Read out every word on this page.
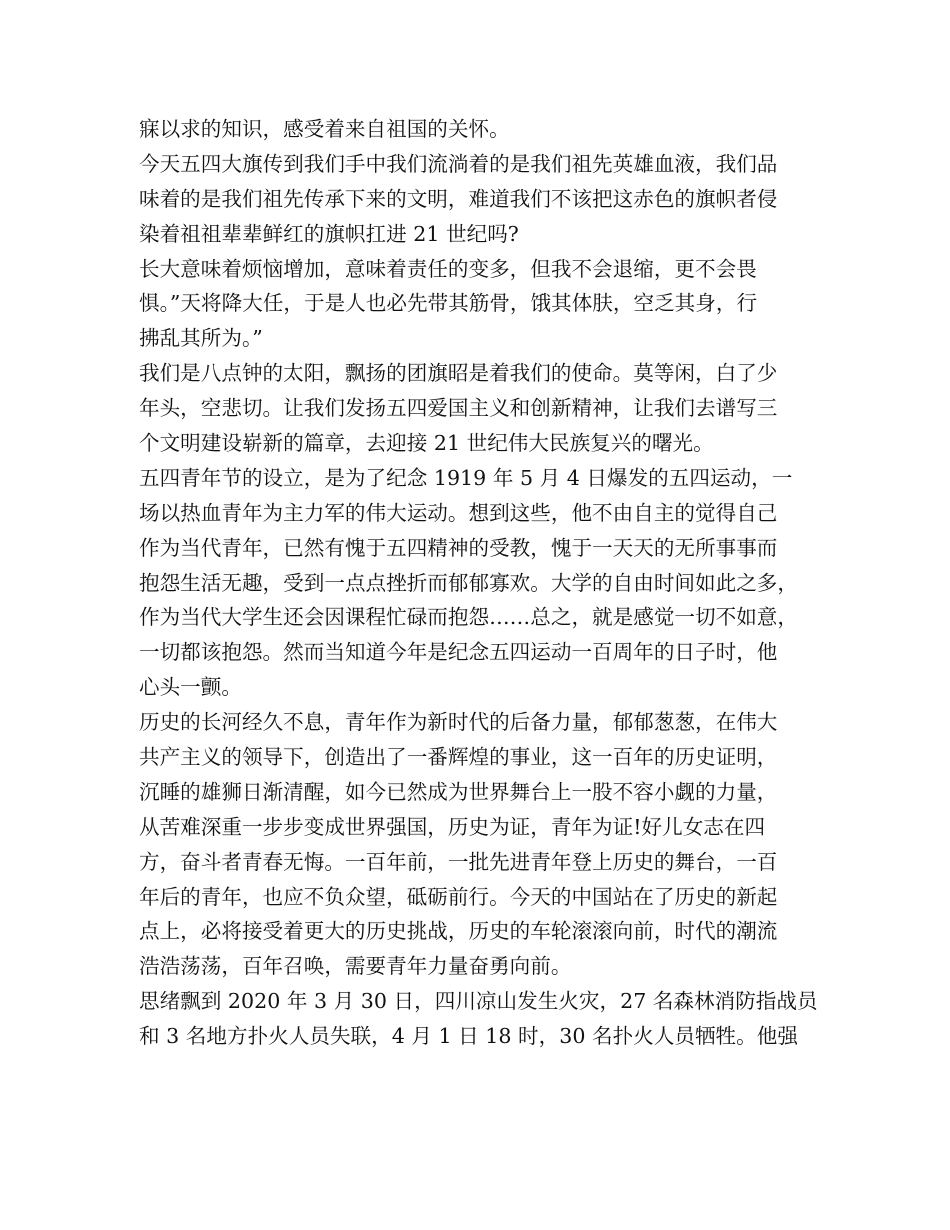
寐以求的知识，感受着来自祖国的关怀。
今天五四大旗传到我们手中我们流淌着的是我们祖先英雄血液，我们品
味着的是我们祖先传承下来的文明，难道我们不该把这赤色的旗帜者侵
染着祖祖辈辈鲜红的旗帜扛进 21 世纪吗?
长大意味着烦恼增加，意味着责任的变多，但我不会退缩，更不会畏
惧。”天将降大任，于是人也必先带其筋骨，饿其体肤，空乏其身，行
拂乱其所为。”
我们是八点钟的太阳，飘扬的团旗昭是着我们的使命。莫等闲，白了少
年头，空悲切。让我们发扬五四爱国主义和创新精神，让我们去谱写三
个文明建设崭新的篇章，去迎接 21 世纪伟大民族复兴的曙光。
五四青年节的设立，是为了纪念 1919 年 5 月 4 日爆发的五四运动，一
场以热血青年为主力军的伟大运动。想到这些，他不由自主的觉得自己
作为当代青年，已然有愧于五四精神的受教，愧于一天天的无所事事而
抱怨生活无趣，受到一点点挫折而郁郁寡欢。大学的自由时间如此之多，
作为当代大学生还会因课程忙碌而抱怨……总之，就是感觉一切不如意，
一切都该抱怨。然而当知道今年是纪念五四运动一百周年的日子时，他
心头一颤。
历史的长河经久不息，青年作为新时代的后备力量，郁郁葱葱，在伟大
共产主义的领导下，创造出了一番辉煌的事业，这一百年的历史证明，
沉睡的雄狮日渐清醒，如今已然成为世界舞台上一股不容小觑的力量，
从苦难深重一步步变成世界强国，历史为证，青年为证!好儿女志在四
方，奋斗者青春无悔。一百年前，一批先进青年登上历史的舞台，一百
年后的青年，也应不负众望，砥砺前行。今天的中国站在了历史的新起
点上，必将接受着更大的历史挑战，历史的车轮滚滚向前，时代的潮流
浩浩荡荡，百年召唤，需要青年力量奋勇向前。
思绪飘到 2020 年 3 月 30 日，四川凉山发生火灾，27 名森林消防指战员
和 3 名地方扑火人员失联，4 月 1 日 18 时，30 名扑火人员牺牲。他强
